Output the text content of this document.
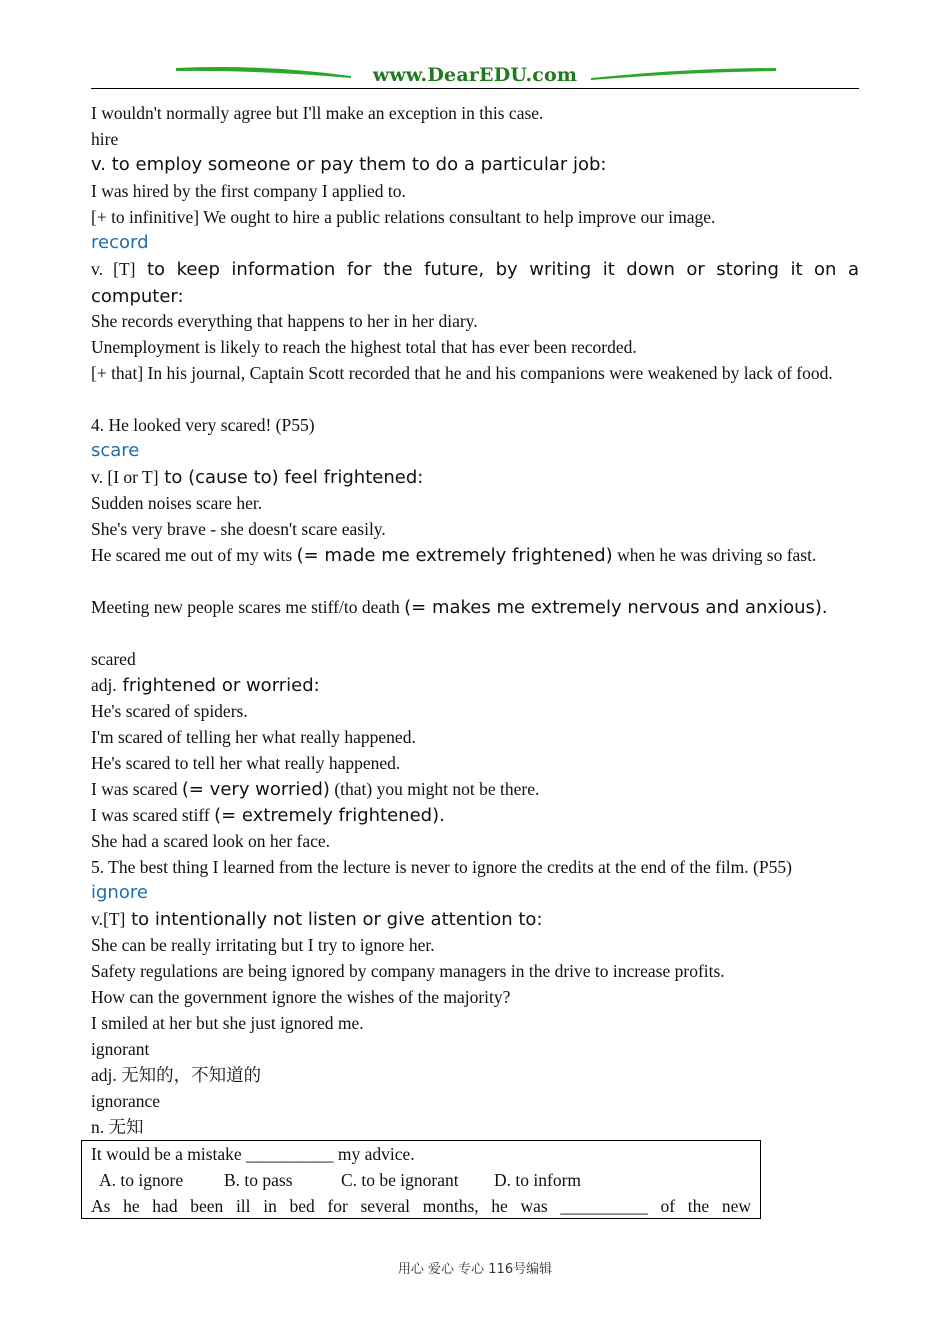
www.DearEDU.com
I wouldn't normally agree but I'll make an exception in this case.
hire
v. to employ someone or pay them to do a particular job:
I was hired by the first company I applied to.
[+ to infinitive] We ought to hire a public relations consultant to help improve our image.
record
v. [T] to keep information for the future, by writing it down or storing it on a computer:
She records everything that happens to her in her diary.
Unemployment is likely to reach the highest total that has ever been recorded.
[+ that] In his journal, Captain Scott recorded that he and his companions were weakened by lack of food.
4. He looked very scared! (P55)
scare
v. [I or T] to (cause to) feel frightened:
Sudden noises scare her.
She's very brave - she doesn't scare easily.
He scared me out of my wits (= made me extremely frightened) when he was driving so fast.
Meeting new people scares me stiff/to death (= makes me extremely nervous and anxious).
scared
adj. frightened or worried:
He's scared of spiders.
I'm scared of telling her what really happened.
He's scared to tell her what really happened.
I was scared (= very worried) (that) you might not be there.
I was scared stiff (= extremely frightened).
She had a scared look on her face.
5. The best thing I learned from the lecture is never to ignore the credits at the end of the film. (P55)
ignore
v.[T] to intentionally not listen or give attention to:
She can be really irritating but I try to ignore her.
Safety regulations are being ignored by company managers in the drive to increase profits.
How can the government ignore the wishes of the majority?
I smiled at her but she just ignored me.
ignorant
adj. 无知的，不知道的
ignorance
n. 无知
It would be a mistake __________ my advice.
A. to ignore B. to pass	C. to be ignorant D. to inform
As he had been ill in bed for several months, he was __________ of the new
用心 爱心 专心 116号编辑
